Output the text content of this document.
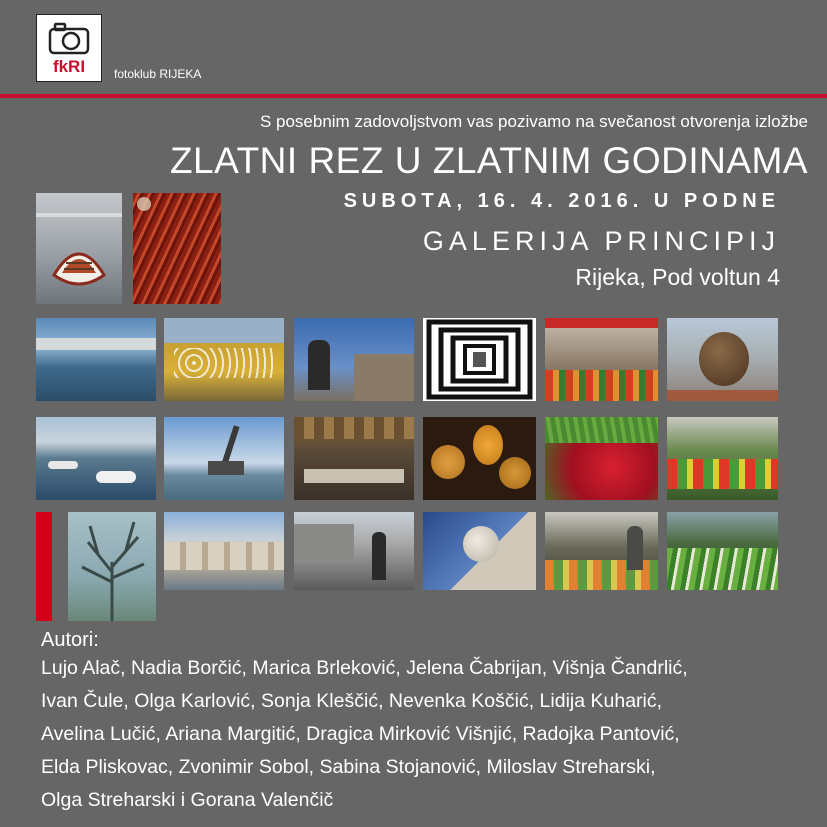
fkRI	fotoklub RIJEKA
S posebnim zadovoljstvom vas pozivamo na svečanost otvorenja izložbe
ZLATNI REZ U ZLATNIM GODINAMA
SUBOTA, 16. 4. 2016. U PODNE
GALERIJA PRINCIPIJ
Rijeka, Pod voltun 4
Autori:
Lujo Alač, Nadia Borčić, Marica Brleković, Jelena Čabrijan, Višnja Čandrlić,
Ivan Čule, Olga Karlović, Sonja Kleščić, Nevenka Koščić, Lidija Kuharić,
Avelina Lučić, Ariana Margitić, Dragica Mirković Višnjić, Radojka Pantović,
Elda Pliskovac, Zvonimir Sobol, Sabina Stojanović, Miloslav Streharski,
Olga Streharski i Gorana Valenčič
